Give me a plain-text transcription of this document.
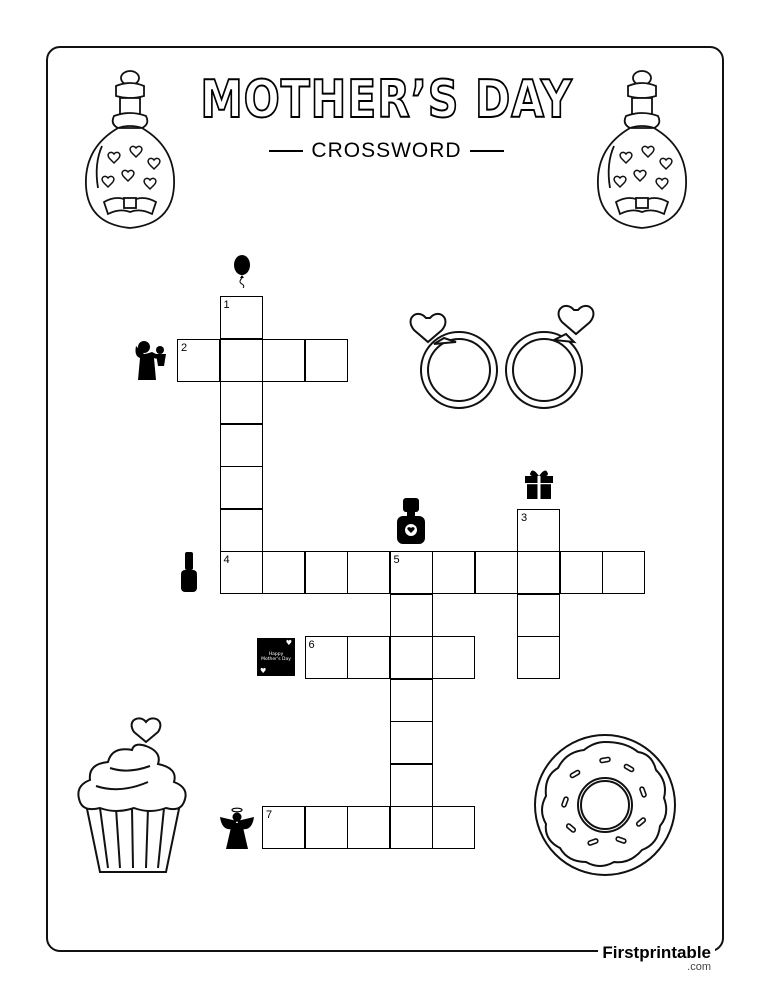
MOTHER’S DAY
CROSSWORD
♥
Happy
Mother's Day
♥
1
2
3
4	5
6
7
Firstprintable
.com
